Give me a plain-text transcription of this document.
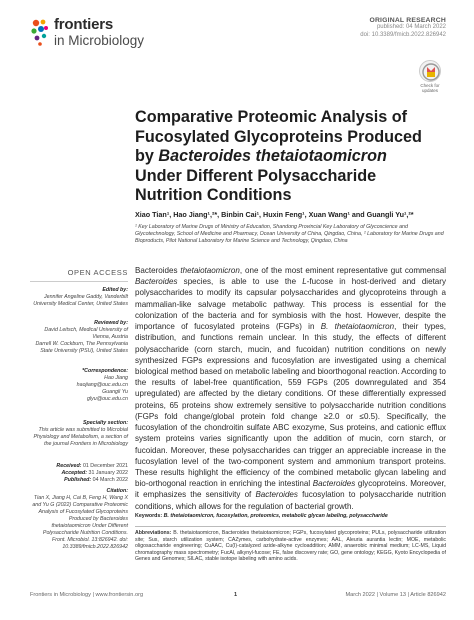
frontiers
in Microbiology
ORIGINAL RESEARCH
published: 04 March 2022
doi: 10.3389/fmicb.2022.826942
Check for updates
Comparative Proteomic Analysis of Fucosylated Glycoproteins Produced by Bacteroides thetaiotaomicron Under Different Polysaccharide Nutrition Conditions
Xiao Tian¹, Hao Jiang¹,²*, Binbin Cai¹, Huxin Feng¹, Xuan Wang¹ and Guangli Yu¹,²*
¹ Key Laboratory of Marine Drugs of Ministry of Education, Shandong Provincial Key Laboratory of Glycoscience and Glycotechnology, School of Medicine and Pharmacy, Ocean University of China, Qingdao, China, ² Laboratory for Marine Drugs and Bioproducts, Pilot National Laboratory for Marine Science and Technology, Qingdao, China
OPEN ACCESS
Edited by:
Jennifer Angeline Gaddy, Vanderbilt University Medical Center, United States
Reviewed by:
David Leitsch, Medical University of Vienna, Austria
Darrell W. Cockburn, The Pennsylvania State University (PSU), United States
*Correspondence:
Hao Jiang
haojiang@ouc.edu.cn
Guangli Yu
glyu@ouc.edu.cn
Specialty section:
This article was submitted to Microbial Physiology and Metabolism, a section of the journal Frontiers in Microbiology
Received: 01 December 2021
Accepted: 31 January 2022
Published: 04 March 2022
Citation:
Tian X, Jiang H, Cai B, Feng H, Wang X and Yu G (2022) Comparative Proteomic Analysis of Fucosylated Glycoproteins Produced by Bacteroides thetaiotaomicron Under Different Polysaccharide Nutrition Conditions. Front. Microbiol. 13:826942. doi: 10.3389/fmicb.2022.826942
Bacteroides thetaiotaomicron, one of the most eminent representative gut commensal Bacteroides species, is able to use the L-fucose in host-derived and dietary polysaccharides to modify its capsular polysaccharides and glycoproteins through a mammalian-like salvage metabolic pathway. This process is essential for the colonization of the bacteria and for symbiosis with the host. However, despite the importance of fucosylated proteins (FGPs) in B. thetaiotaomicron, their types, distribution, and functions remain unclear. In this study, the effects of different polysaccharide (corn starch, mucin, and fucoidan) nutrition conditions on newly synthesized FGPs expressions and fucosylation are investigated using a chemical biological method based on metabolic labeling and bioorthogonal reaction. According to the results of label-free quantification, 559 FGPs (205 downregulated and 354 upregulated) are affected by the dietary conditions. Of these differentially expressed proteins, 65 proteins show extremely sensitive to polysaccharide nutrition conditions (FGPs fold change/global protein fold change ≥2.0 or ≤0.5). Specifically, the fucosylation of the chondroitin sulfate ABC exozyme, Sus proteins, and cationic efflux system proteins varies significantly upon the addition of mucin, corn starch, or fucoidan. Moreover, these polysaccharides can trigger an appreciable increase in the fucosylation level of the two-component system and ammonium transport proteins. These results highlight the efficiency of the combined metabolic glycan labeling and bio-orthogonal reaction in enriching the intestinal Bacteroides glycoproteins. Moreover, it emphasizes the sensitivity of Bacteroides fucosylation to polysaccharide nutrition conditions, which allows for the regulation of bacterial growth.
Keywords: B. thetaiotaomicron, fucosylation, proteomics, metabolic glycan labeling, polysaccharide
Abbreviations: B. thetaiotaomicron, Bacteroides thetaiotaomicron; FGPs, fucosylated glycoproteins; PULs, polysaccharide utilization site; Sus, starch utilization system; CAZymes, carbohydrate-active enzymes; AAL, Aleuria aurantia lectin; MOE, metabolic oligosaccharide engineering; CuAAC, Cu(I)-catalyzed azide-alkyne cycloaddition; AMM, anaerobic minimal medium; LC-MS, Liquid chromatography mass spectrometry; FucAl, alkynyl-fucose; FE, false discovery rate; GO, gene ontology; KEGG, Kyoto Encyclopedia of Genes and Genomes; SILAC, stable isotope labeling with amino acids.
Frontiers in Microbiology | www.frontiersin.org	1	March 2022 | Volume 13 | Article 826942
